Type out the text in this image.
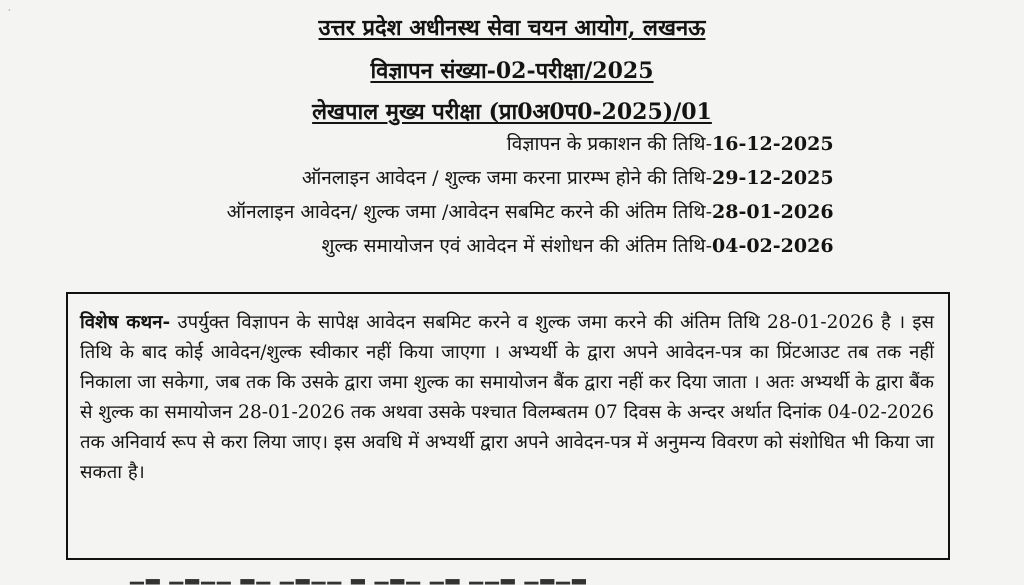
·
उत्तर प्रदेश अधीनस्थ सेवा चयन आयोग, लखनऊ
विज्ञापन संख्या-02-परीक्षा/2025
लेखपाल मुख्य परीक्षा (प्रा0अ0प0-2025)/01
विज्ञापन के प्रकाशन की तिथि- 16-12-2025
ऑनलाइन आवेदन / शुल्क जमा करना प्रारम्भ होने की तिथि- 29-12-2025
ऑनलाइन आवेदन/ शुल्क जमा /आवेदन सबमिट करने की अंतिम तिथि- 28-01-2026
शुल्क समायोजन एवं आवेदन में संशोधन की अंतिम तिथि- 04-02-2026
विशेष कथन- उपर्युक्त विज्ञापन के सापेक्ष आवेदन सबमिट करने व शुल्क जमा करने की अंतिम तिथि 28-01-2026 है । इस तिथि के बाद कोई आवेदन/शुल्क स्वीकार नहीं किया जाएगा । अभ्यर्थी के द्वारा अपने आवेदन-पत्र का प्रिंटआउट तब तक नहीं निकाला जा सकेगा, जब तक कि उसके द्वारा जमा शुल्क का समायोजन बैंक द्वारा नहीं कर दिया जाता । अतः अभ्यर्थी के द्वारा बैंक से शुल्क का समायोजन 28-01-2026 तक अथवा उसके पश्चात विलम्बतम 07 दिवस के अन्दर अर्थात दिनांक 04-02-2026 तक अनिवार्य रूप से करा लिया जाए। इस अवधि में अभ्यर्थी द्वारा अपने आवेदन-पत्र में अनुमन्य विवरण को संशोधित भी किया जा सकता है।
▁▂ ▁▂▁▁ ▂▁ ▁▂▁▁ ▂ ▁▂▁ ▁▂ ▁▁▂ ▁▂▁▂
